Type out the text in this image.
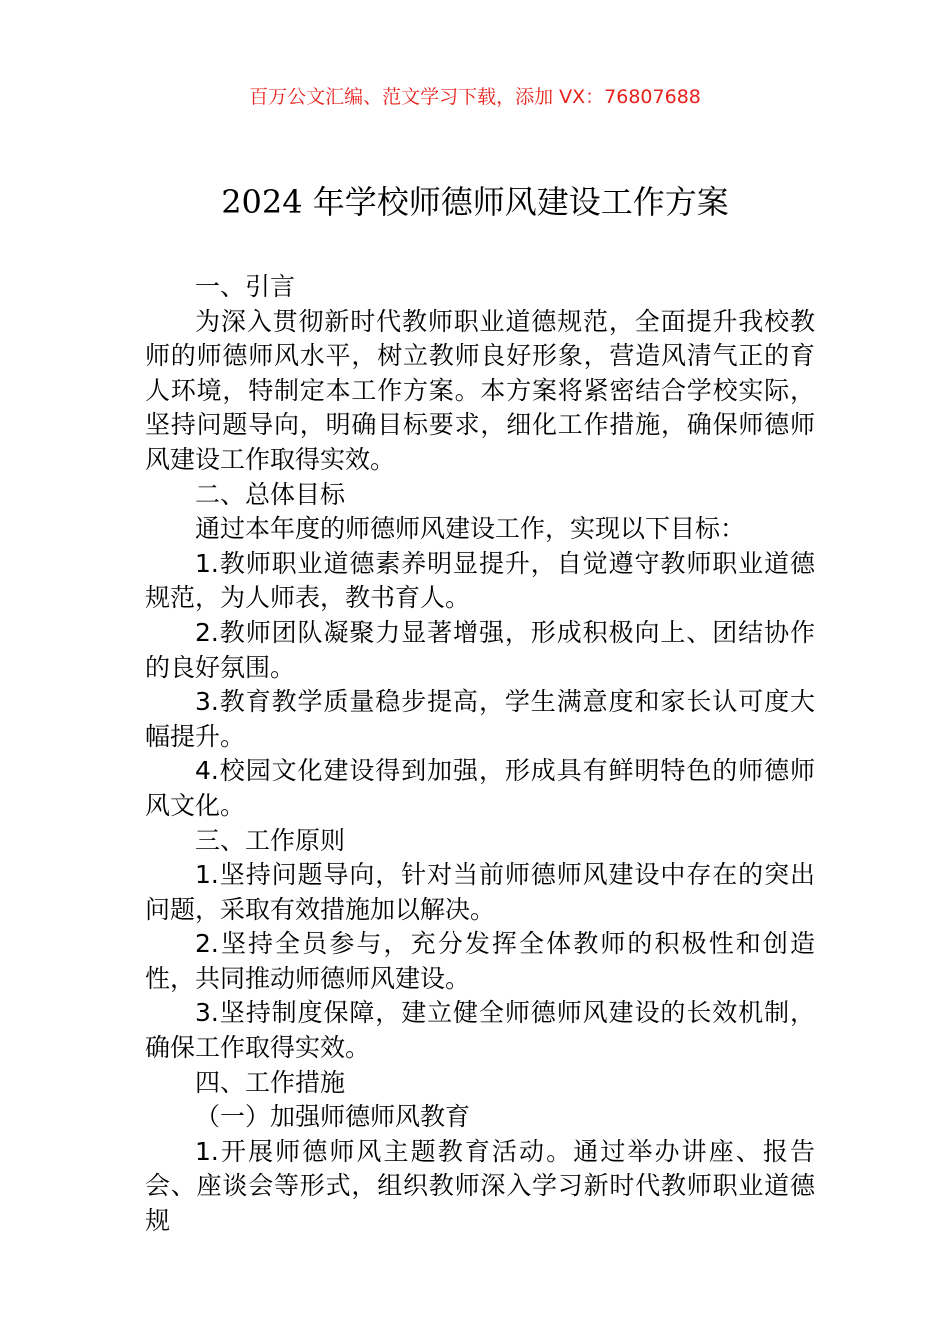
百万公文汇编、范文学习下载，添加 VX：76807688
2024 年学校师德师风建设工作方案

一、引言

为深入贯彻新时代教师职业道德规范，全面提升我校教师的师德师风水平，树立教师良好形象，营造风清气正的育人环境，特制定本工作方案。本方案将紧密结合学校实际，坚持问题导向，明确目标要求，细化工作措施，确保师德师风建设工作取得实效。

二、总体目标

通过本年度的师德师风建设工作，实现以下目标：

1.教师职业道德素养明显提升，自觉遵守教师职业道德规范，为人师表，教书育人。

2.教师团队凝聚力显著增强，形成积极向上、团结协作的良好氛围。

3.教育教学质量稳步提高，学生满意度和家长认可度大幅提升。

4.校园文化建设得到加强，形成具有鲜明特色的师德师风文化。

三、工作原则

1.坚持问题导向，针对当前师德师风建设中存在的突出问题，采取有效措施加以解决。

2.坚持全员参与，充分发挥全体教师的积极性和创造性，共同推动师德师风建设。

3.坚持制度保障，建立健全师德师风建设的长效机制，确保工作取得实效。

四、工作措施

（一）加强师德师风教育

1.开展师德师风主题教育活动。通过举办讲座、报告会、座谈会等形式，组织教师深入学习新时代教师职业道德规
